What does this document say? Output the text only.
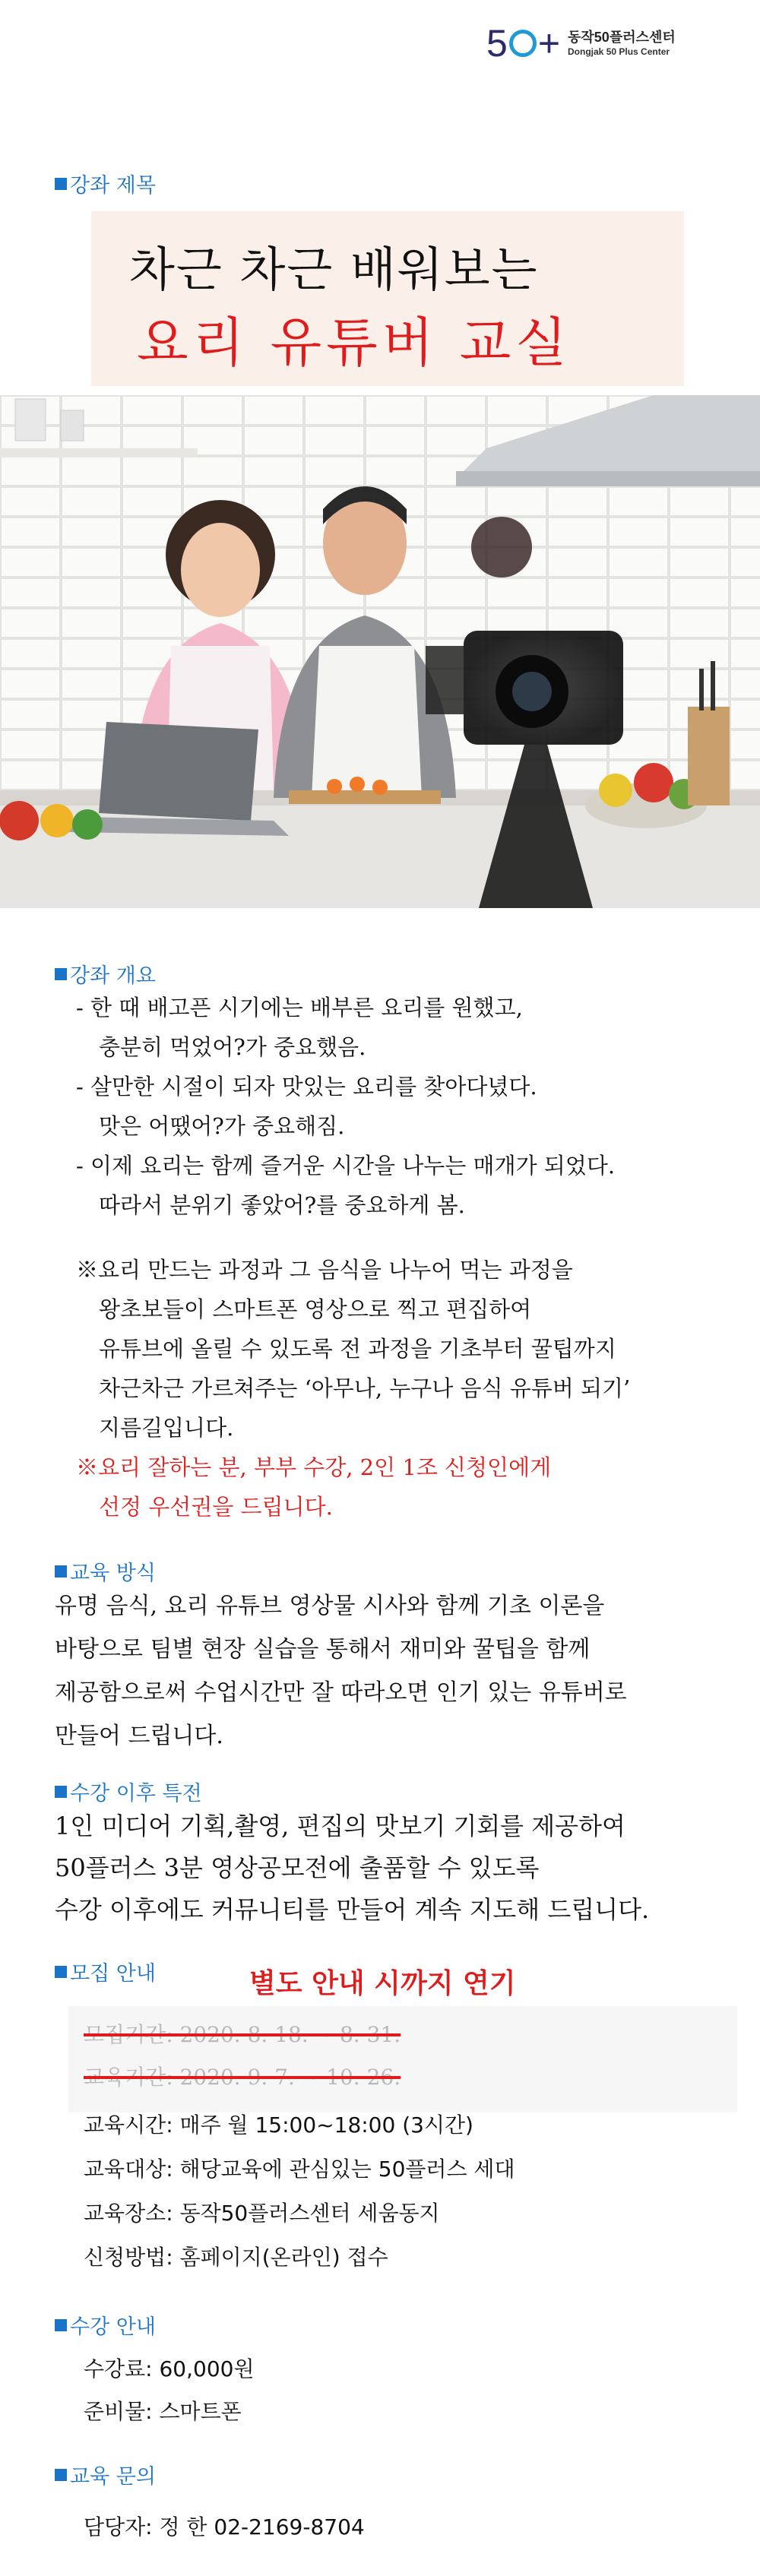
5 + 동작50플러스센터
Dongjak 50 Plus Center
강좌 제목
차근 차근 배워보는
요리 유튜버 교실
강좌 개요
- 한 때 배고픈 시기에는 배부른 요리를 원했고,
충분히 먹었어?가 중요했음.
- 살만한 시절이 되자 맛있는 요리를 찾아다녔다.
맛은 어땠어?가 중요해짐.
- 이제 요리는 함께 즐거운 시간을 나누는 매개가 되었다.
따라서 분위기 좋았어?를 중요하게 봄.
※요리 만드는 과정과 그 음식을 나누어 먹는 과정을
왕초보들이 스마트폰 영상으로 찍고 편집하여
유튜브에 올릴 수 있도록 전 과정을 기초부터 꿀팁까지
차근차근 가르쳐주는 ‘아무나, 누구나 음식 유튜버 되기’
지름길입니다.
※요리 잘하는 분, 부부 수강, 2인 1조 신청인에게
선정 우선권을 드립니다.
교육 방식
유명 음식, 요리 유튜브 영상물 시사와 함께 기초 이론을
바탕으로 팀별 현장 실습을 통해서 재미와 꿀팁을 함께
제공함으로써 수업시간만 잘 따라오면 인기 있는 유튜버로
만들어 드립니다.
수강 이후 특전
1인 미디어 기획,촬영, 편집의 맛보기 기회를 제공하여
50플러스 3분 영상공모전에 출품할 수 있도록
수강 이후에도 커뮤니티를 만들어 계속 지도해 드립니다.
모집 안내	별도 안내 시까지 연기
모집기간: 2020. 8. 18. ~ 8. 31.
교육기간: 2020. 9. 7. ~ 10. 26.
교육시간: 매주 월 15:00~18:00 (3시간)
교육대상: 해당교육에 관심있는 50플러스 세대
교육장소: 동작50플러스센터 세움동지
신청방법: 홈페이지(온라인) 접수
수강 안내
수강료: 60,000원
준비물: 스마트폰
교육 문의
담당자: 정 한 02-2169-8704
